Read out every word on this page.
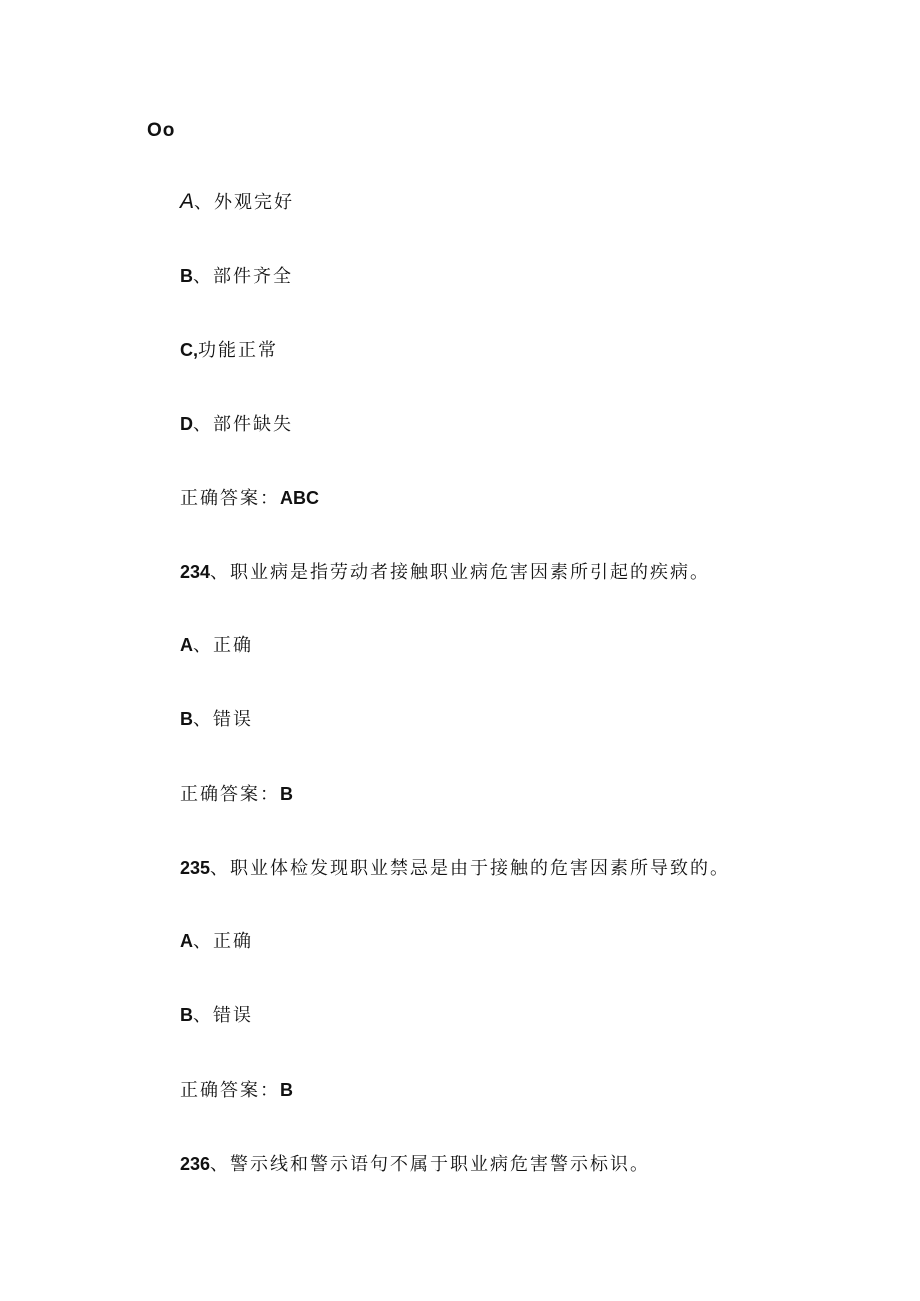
Oo
A、外观完好
B、部件齐全
C,功能正常
D、部件缺失
正确答案：ABC
234、职业病是指劳动者接触职业病危害因素所引起的疾病。
A、正确
B、错误
正确答案：B
235、职业体检发现职业禁忌是由于接触的危害因素所导致的。
A、正确
B、错误
正确答案：B
236、警示线和警示语句不属于职业病危害警示标识。
